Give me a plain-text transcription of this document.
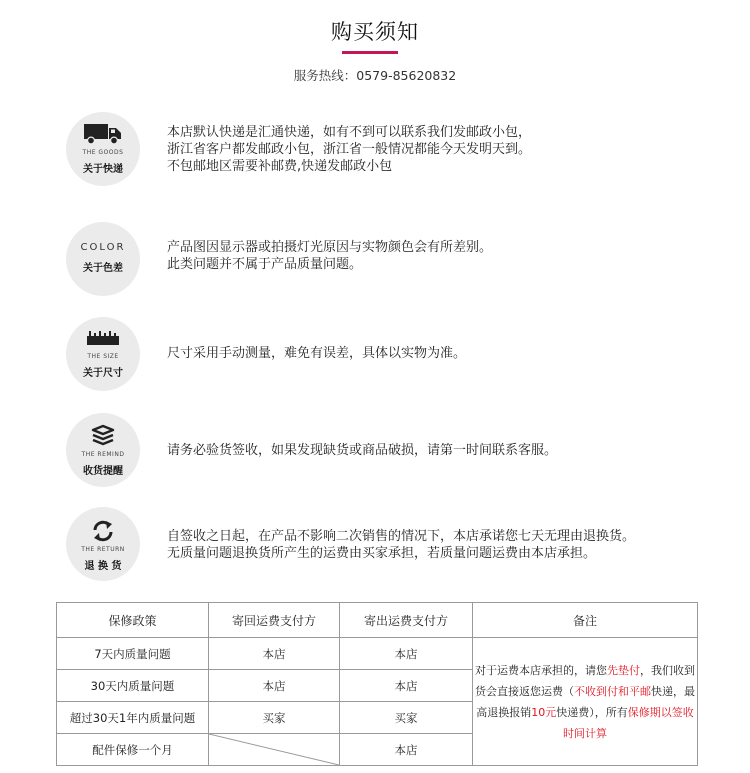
购买须知
服务热线：0579-85620832
THE GOODS
关于快递
本店默认快递是汇通快递，如有不到可以联系我们发邮政小包，
浙江省客户都发邮政小包，浙江省一般情况都能今天发明天到。
不包邮地区需要补邮费,快递发邮政小包
COLOR
关于色差
产品图因显示器或拍摄灯光原因与实物颜色会有所差别。
此类问题并不属于产品质量问题。
THE SIZE
关于尺寸
尺寸采用手动测量，难免有误差，具体以实物为准。
THE REMIND
收货提醒
请务必验货签收，如果发现缺货或商品破损，请第一时间联系客服。
THE RETURN
退 换 货
自签收之日起，在产品不影响二次销售的情况下，本店承诺您七天无理由退换货。
无质量问题退换货所产生的运费由买家承担，若质量问题运费由本店承担。
保修政策	寄回运费支付方	寄出运费支付方	备注
7天内质量问题	本店	本店	对于运费本店承担的，请您先垫付，我们收到货会直接返您运费（不收到付和平邮快递，最高退换报销10元快递费），所有保修期以签收时间计算
30天内质量问题	本店	本店	
超过30天1年内质量问题	买家	买家	
配件保修一个月		本店	
